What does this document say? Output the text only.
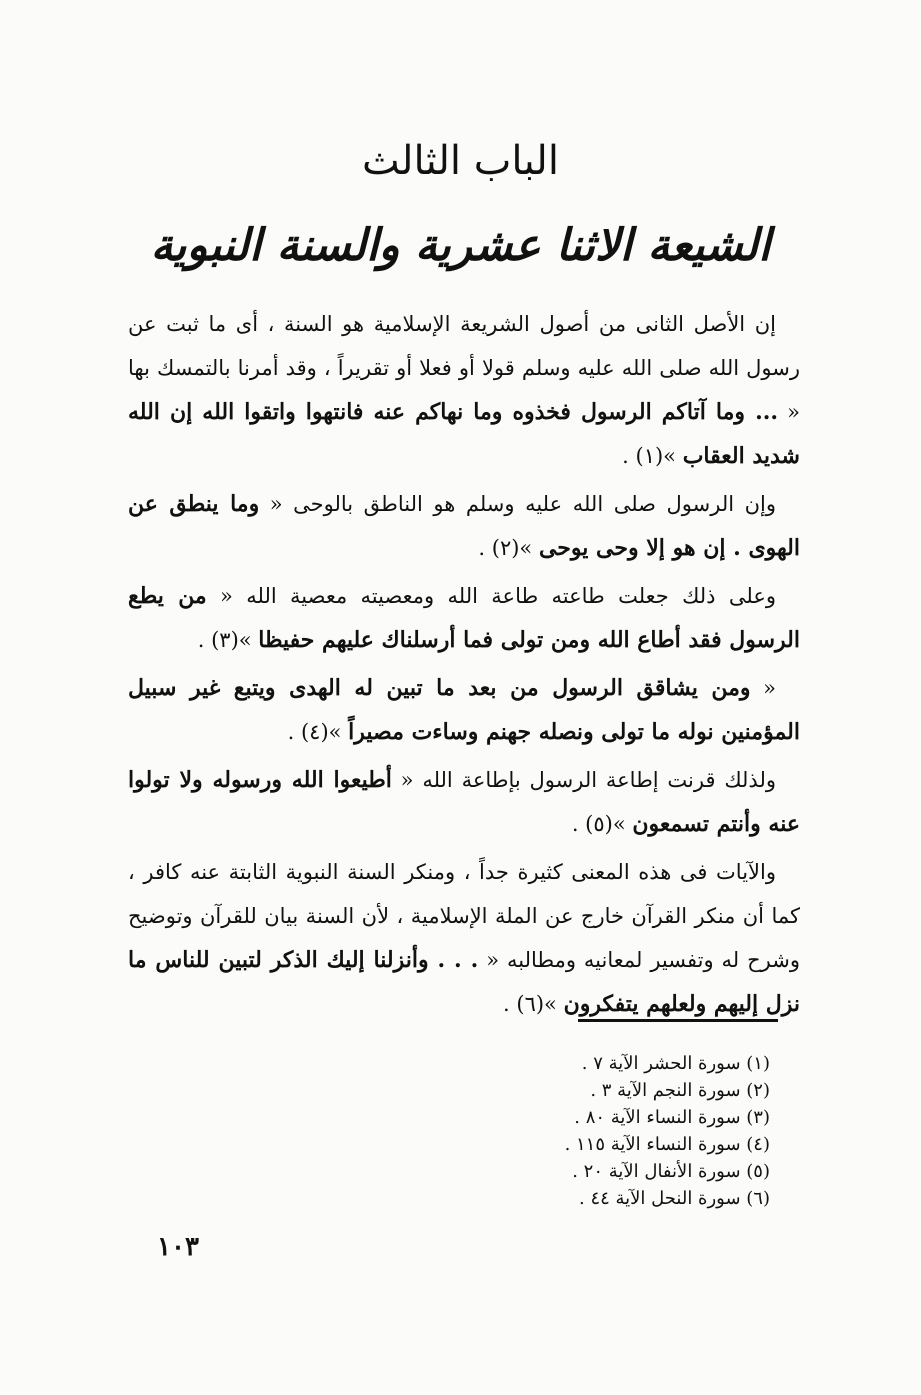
الباب الثالث
الشيعة الاثنا عشرية والسنة النبوية

إن الأصل الثانى من أصول الشريعة الإسلامية هو السنة ، أى ما ثبت عن رسول الله صلى الله عليه وسلم قولا أو فعلا أو تقريراً ، وقد أمرنا بالتمسك بها « ... وما آتاكم الرسول فخذوه وما نهاكم عنه فانتهوا واتقوا الله إن الله شديد العقاب »(١) .

وإن الرسول صلى الله عليه وسلم هو الناطق بالوحى « وما ينطق عن الهوى . إن هو إلا وحى يوحى »(٢) .

وعلى ذلك جعلت طاعته طاعة الله ومعصيته معصية الله « من يطع الرسول فقد أطاع الله ومن تولى فما أرسلناك عليهم حفيظا »(٣) .

« ومن يشاقق الرسول من بعد ما تبين له الهدى ويتبع غير سبيل المؤمنين نوله ما تولى ونصله جهنم وساءت مصيراً »(٤) .

ولذلك قرنت إطاعة الرسول بإطاعة الله « أطيعوا الله ورسوله ولا تولوا عنه وأنتم تسمعون »(٥) .

والآيات فى هذه المعنى كثيرة جداً ، ومنكر السنة النبوية الثابتة عنه كافر ، كما أن منكر القرآن خارج عن الملة الإسلامية ، لأن السنة بيان للقرآن وتوضيح وشرح له وتفسير لمعانيه ومطالبه « . . . وأنزلنا إليك الذكر لتبين للناس ما نزل إليهم ولعلهم يتفكرون »(٦) .

(١) سورة الحشر الآية ٧ .
(٢) سورة النجم الآية ٣ .
(٣) سورة النساء الآية ٨٠ .
(٤) سورة النساء الآية ١١٥ .
(٥) سورة الأنفال الآية ٢٠ .
(٦) سورة النحل الآية ٤٤ .
١٠٣
